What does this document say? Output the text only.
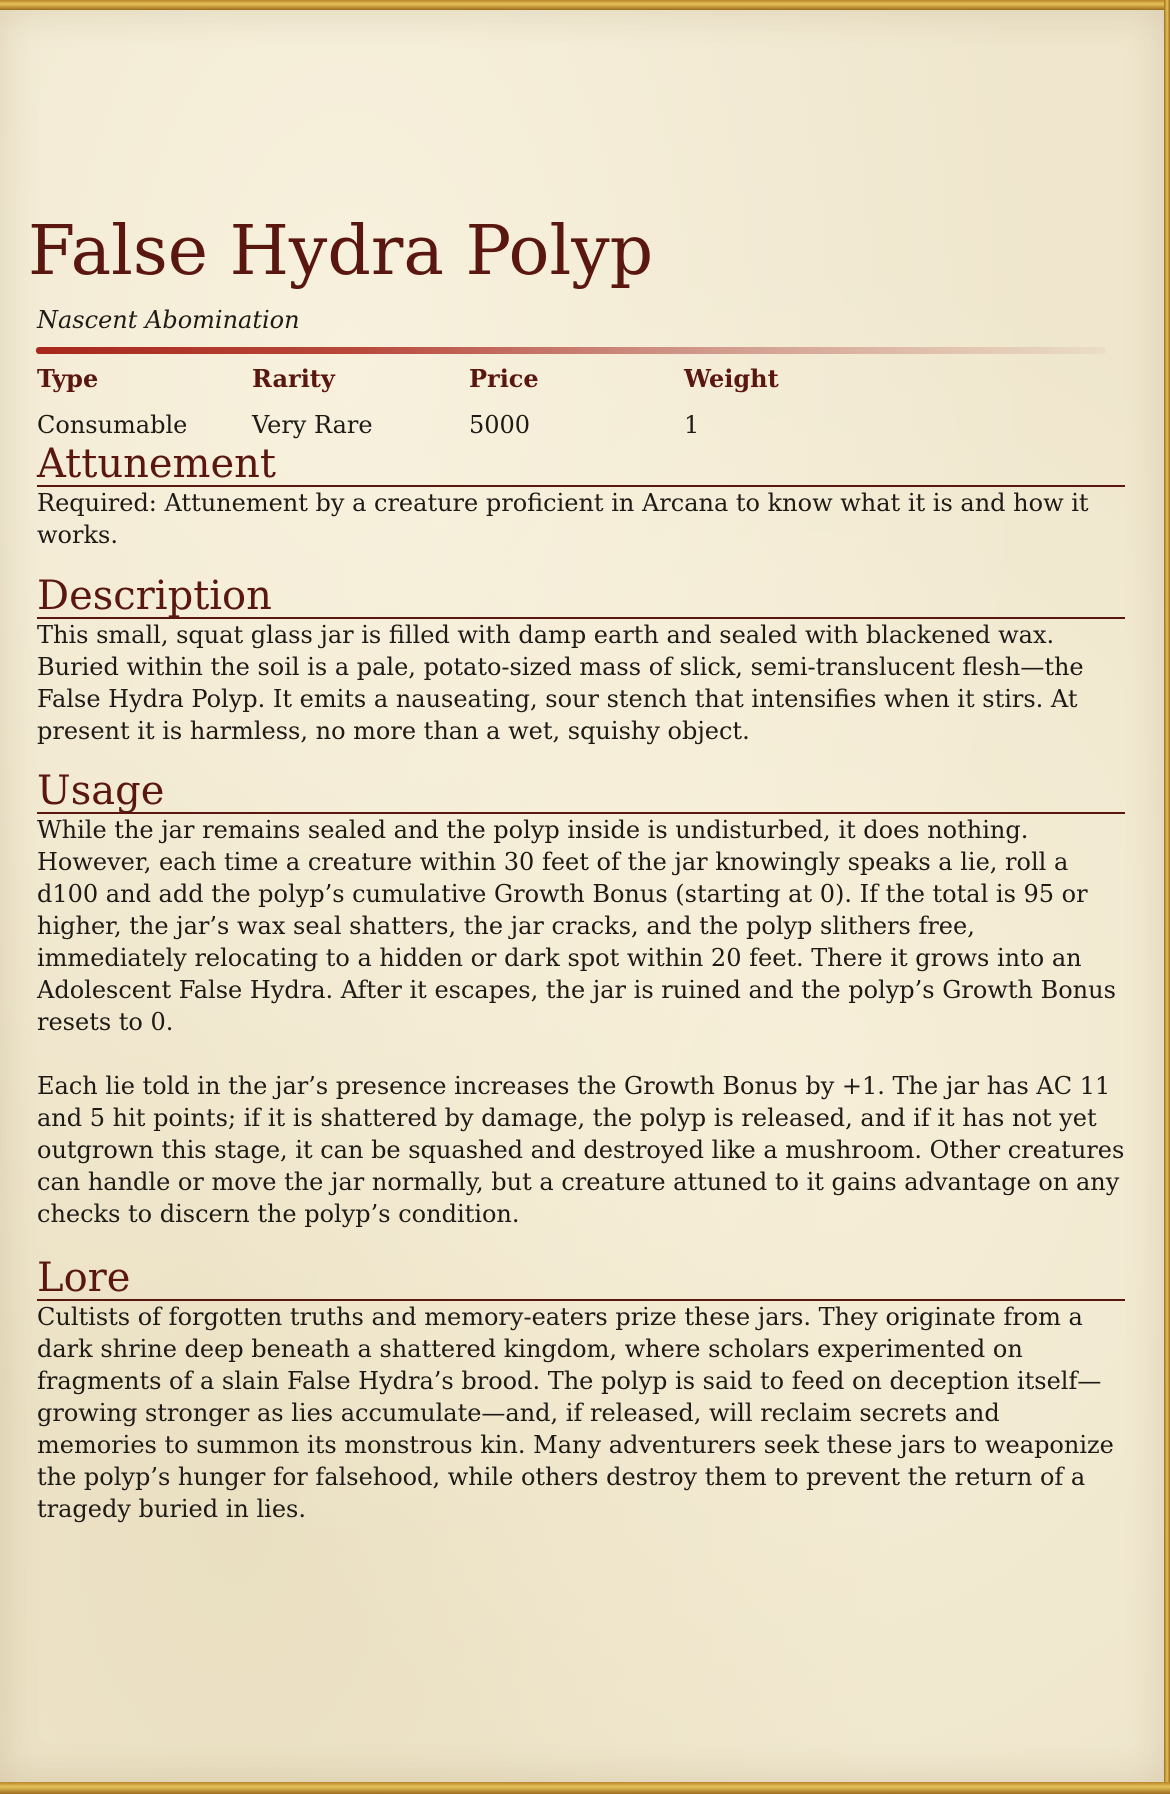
False Hydra Polyp
Nascent Abomination
Type
Consumable
Rarity
Very Rare
Price
5000
Weight
1
Attunement

Required: Attunement by a creature proficient in Arcana to know what it is and how it works.

Description

This small, squat glass jar is filled with damp earth and sealed with blackened wax. Buried within the soil is a pale, potato-sized mass of slick, semi-translucent flesh—the False Hydra Polyp. It emits a nauseating, sour stench that intensifies when it stirs. At present it is harmless, no more than a wet, squishy object.

Usage

While the jar remains sealed and the polyp inside is undisturbed, it does nothing. However, each time a creature within 30 feet of the jar knowingly speaks a lie, roll a d100 and add the polyp’s cumulative Growth Bonus (starting at 0). If the total is 95 or higher, the jar’s wax seal shatters, the jar cracks, and the polyp slithers free, immediately relocating to a hidden or dark spot within 20 feet. There it grows into an Adolescent False Hydra. After it escapes, the jar is ruined and the polyp’s Growth Bonus resets to 0.

Each lie told in the jar’s presence increases the Growth Bonus by +1. The jar has AC 11 and 5 hit points; if it is shattered by damage, the polyp is released, and if it has not yet outgrown this stage, it can be squashed and destroyed like a mushroom. Other creatures can handle or move the jar normally, but a creature attuned to it gains advantage on any checks to discern the polyp’s condition.

Lore

Cultists of forgotten truths and memory-eaters prize these jars. They originate from a dark shrine deep beneath a shattered kingdom, where scholars experimented on fragments of a slain False Hydra’s brood. The polyp is said to feed on deception itself—growing stronger as lies accumulate—and, if released, will reclaim secrets and memories to summon its monstrous kin. Many adventurers seek these jars to weaponize the polyp’s hunger for falsehood, while others destroy them to prevent the return of a tragedy buried in lies.
